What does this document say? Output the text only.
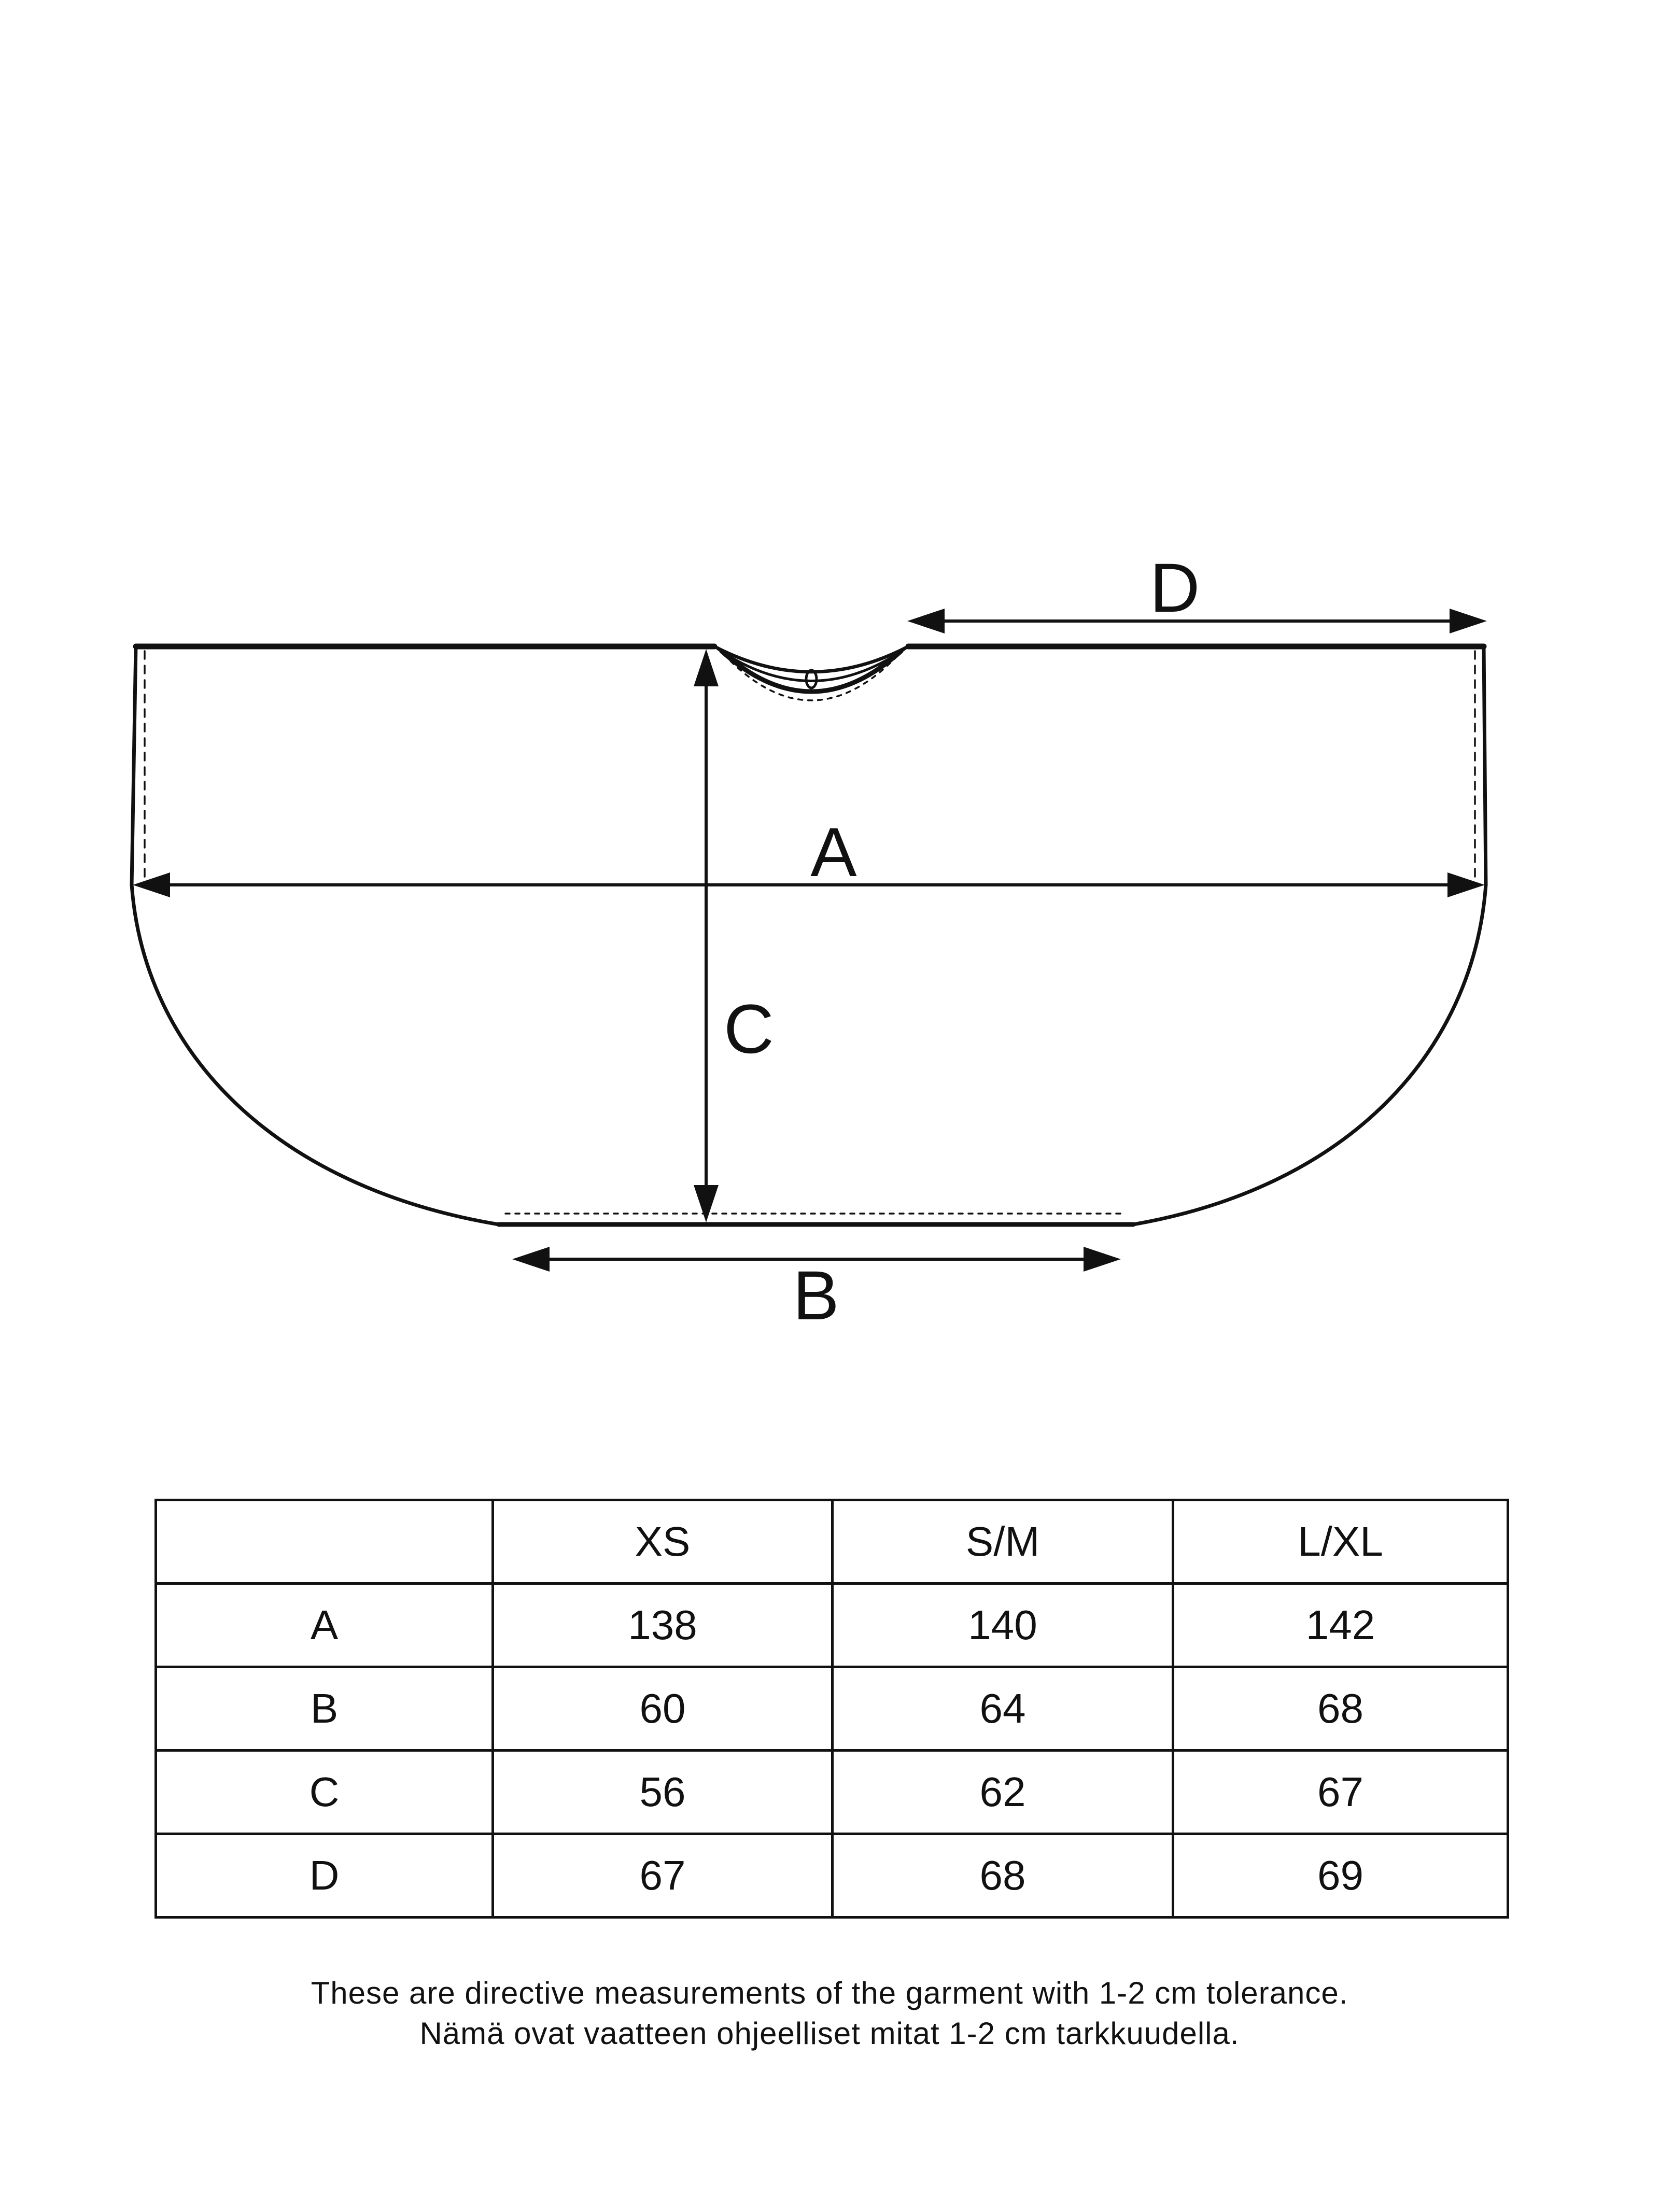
A
C
B
D
	XS	S/M	L/XL
A	138	140	142
B	60	64	68
C	56	62	67
D	67	68	69
These are directive measurements of the garment with 1-2 cm tolerance.
Nämä ovat vaatteen ohjeelliset mitat 1-2 cm tarkkuudella.
